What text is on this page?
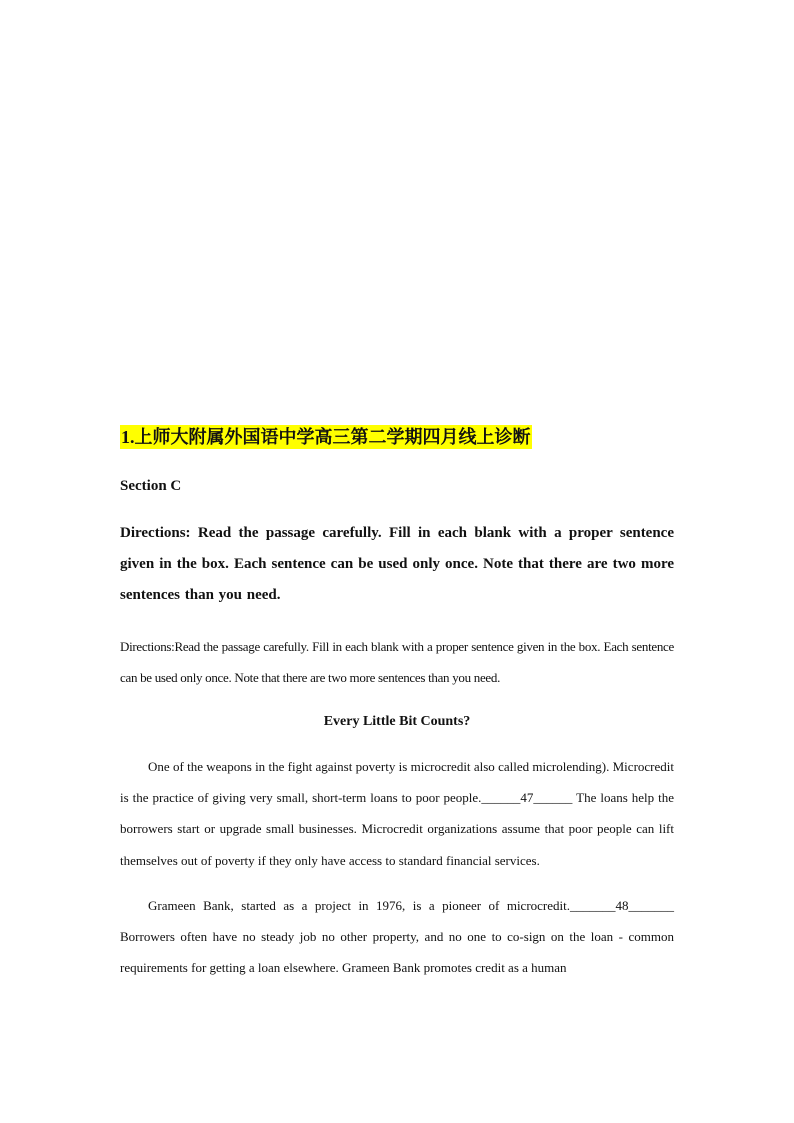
1.上师大附属外国语中学高三第二学期四月线上诊断

Section C

Directions: Read the passage carefully. Fill in each blank with a proper sentence given in the box. Each sentence can be used only once. Note that there are two more sentences than you need.

Directions:Read the passage carefully. Fill in each blank with a proper sentence given in the box. Each sentence can be used only once. Note that there are two more sentences than you need.

Every Little Bit Counts?

One of the weapons in the fight against poverty is microcredit also called microlending). Microcredit is the practice of giving very small, short-term loans to poor people.______47______ The loans help the borrowers start or upgrade small businesses. Microcredit organizations assume that poor people can lift themselves out of poverty if they only have access to standard financial services.

Grameen Bank, started as a project in 1976, is a pioneer of microcredit._______48_______ Borrowers often have no steady job no other property, and no one to co-sign on the loan - common requirements for getting a loan elsewhere. Grameen Bank promotes credit as a human
